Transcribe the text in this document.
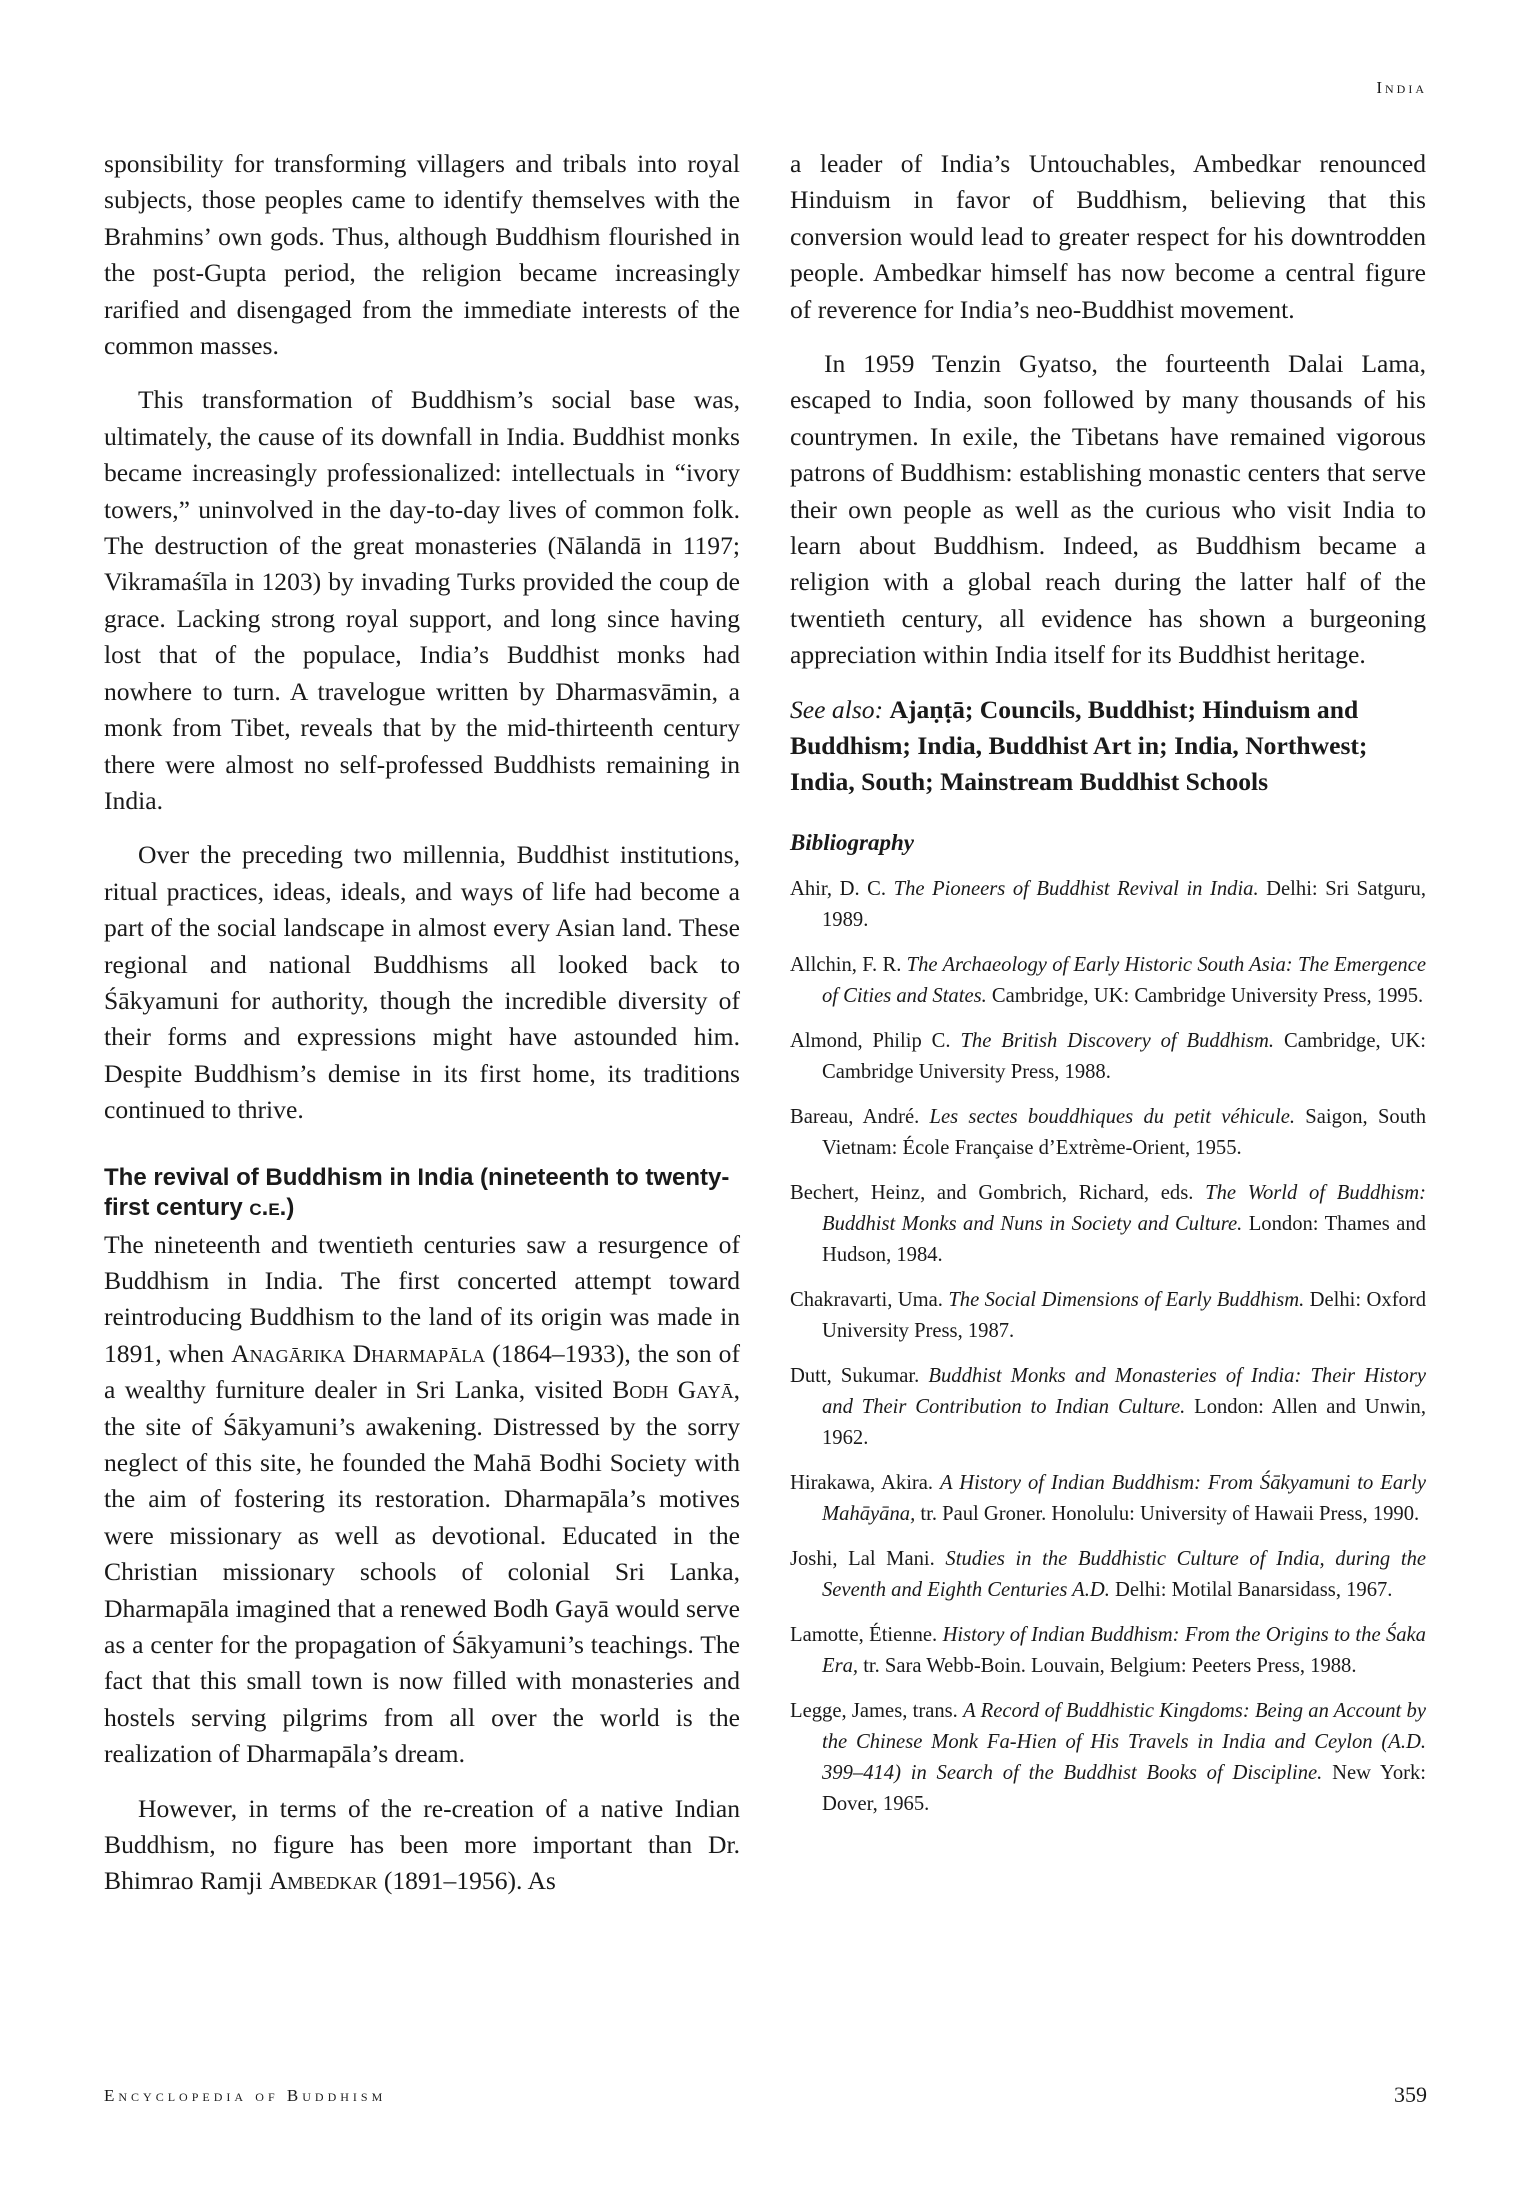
India

sponsibility for transforming villagers and tribals into royal subjects, those peoples came to identify themselves with the Brahmins’ own gods. Thus, although Buddhism flourished in the post-Gupta period, the religion became increasingly rarified and disengaged from the immediate interests of the common masses.

This transformation of Buddhism’s social base was, ultimately, the cause of its downfall in India. Buddhist monks became increasingly professionalized: intellectuals in “ivory towers,” uninvolved in the day-to-day lives of common folk. The destruction of the great monasteries (Nālandā in 1197; Vikramaśīla in 1203) by invading Turks provided the coup de grace. Lacking strong royal support, and long since having lost that of the populace, India’s Buddhist monks had nowhere to turn. A travelogue written by Dharmasvāmin, a monk from Tibet, reveals that by the mid-thirteenth century there were almost no self-professed Buddhists remaining in India.

Over the preceding two millennia, Buddhist institutions, ritual practices, ideas, ideals, and ways of life had become a part of the social landscape in almost every Asian land. These regional and national Buddhisms all looked back to Śākyamuni for authority, though the incredible diversity of their forms and expressions might have astounded him. Despite Buddhism’s demise in its first home, its traditions continued to thrive.

The revival of Buddhism in India (nineteenth to twenty-first century c.e.)

The nineteenth and twentieth centuries saw a resurgence of Buddhism in India. The first concerted attempt toward reintroducing Buddhism to the land of its origin was made in 1891, when Anagārika Dharmapāla (1864–1933), the son of a wealthy furniture dealer in Sri Lanka, visited Bodh Gayā, the site of Śākyamuni’s awakening. Distressed by the sorry neglect of this site, he founded the Mahā Bodhi Society with the aim of fostering its restoration. Dharmapāla’s motives were missionary as well as devotional. Educated in the Christian missionary schools of colonial Sri Lanka, Dharmapāla imagined that a renewed Bodh Gayā would serve as a center for the propagation of Śākyamuni’s teachings. The fact that this small town is now filled with monasteries and hostels serving pilgrims from all over the world is the realization of Dharmapāla’s dream.

However, in terms of the re-creation of a native Indian Buddhism, no figure has been more important than Dr. Bhimrao Ramji Ambedkar (1891–1956). As

a leader of India’s Untouchables, Ambedkar renounced Hinduism in favor of Buddhism, believing that this conversion would lead to greater respect for his downtrodden people. Ambedkar himself has now become a central figure of reverence for India’s neo-Buddhist movement.

In 1959 Tenzin Gyatso, the fourteenth Dalai Lama, escaped to India, soon followed by many thousands of his countrymen. In exile, the Tibetans have remained vigorous patrons of Buddhism: establishing monastic centers that serve their own people as well as the curious who visit India to learn about Buddhism. Indeed, as Buddhism became a religion with a global reach during the latter half of the twentieth century, all evidence has shown a burgeoning appreciation within India itself for its Buddhist heritage.

See also: Ajaṇṭā; Councils, Buddhist; Hinduism and Buddhism; India, Buddhist Art in; India, Northwest; India, South; Mainstream Buddhist Schools
Bibliography
Ahir, D. C. The Pioneers of Buddhist Revival in India. Delhi: Sri Satguru, 1989.
Allchin, F. R. The Archaeology of Early Historic South Asia: The Emergence of Cities and States. Cambridge, UK: Cambridge University Press, 1995.
Almond, Philip C. The British Discovery of Buddhism. Cambridge, UK: Cambridge University Press, 1988.
Bareau, André. Les sectes bouddhiques du petit véhicule. Saigon, South Vietnam: École Française d’Extrème-Orient, 1955.
Bechert, Heinz, and Gombrich, Richard, eds. The World of Buddhism: Buddhist Monks and Nuns in Society and Culture. London: Thames and Hudson, 1984.
Chakravarti, Uma. The Social Dimensions of Early Buddhism. Delhi: Oxford University Press, 1987.
Dutt, Sukumar. Buddhist Monks and Monasteries of India: Their History and Their Contribution to Indian Culture. London: Allen and Unwin, 1962.
Hirakawa, Akira. A History of Indian Buddhism: From Śākyamuni to Early Mahāyāna, tr. Paul Groner. Honolulu: University of Hawaii Press, 1990.
Joshi, Lal Mani. Studies in the Buddhistic Culture of India, during the Seventh and Eighth Centuries A.D. Delhi: Motilal Banarsidass, 1967.
Lamotte, Étienne. History of Indian Buddhism: From the Origins to the Śaka Era, tr. Sara Webb-Boin. Louvain, Belgium: Peeters Press, 1988.
Legge, James, trans. A Record of Buddhistic Kingdoms: Being an Account by the Chinese Monk Fa-Hien of His Travels in India and Ceylon (A.D. 399–414) in Search of the Buddhist Books of Discipline. New York: Dover, 1965.
Encyclopedia of Buddhism	359
